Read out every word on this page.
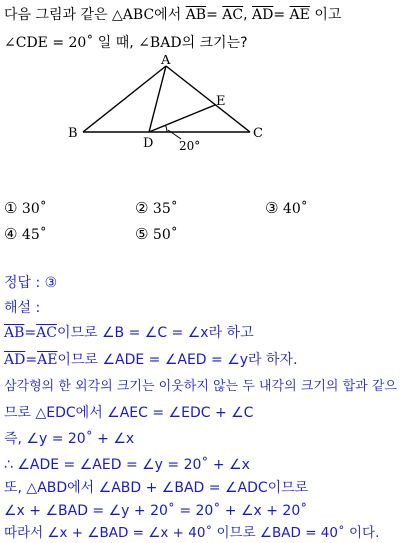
다음 그림과 같은 △ABC에서 $\overline{AB}= \overline{AC}$, $\overline{AD}= \overline{AE}$ 이고
∠CDE = 20˚ 일 때, ∠BAD의 크기는?
A
B	C
D
E
20°
① 30˚	② 35˚	③ 40˚
④ 45˚	⑤ 50˚
정답 : ③
해설 :
$\overline{AB}=\overline{AC}$이므로 ∠B = ∠C = ∠x라 하고
$\overline{AD}=\overline{AE}$이므로 ∠ADE = ∠AED = ∠y라 하자.
삼각형의 한 외각의 크기는 이웃하지 않는 두 내각의 크기의 합과 같으
므로 △EDC에서 ∠AEC = ∠EDC + ∠C
즉, ∠y = 20˚ + ∠x
∴ ∠ADE = ∠AED = ∠y = 20˚ + ∠x
또, △ABD에서 ∠ABD + ∠BAD = ∠ADC이므로
∠x + ∠BAD = ∠y + 20˚ = 20˚ + ∠x + 20˚
따라서 ∠x + ∠BAD = ∠x + 40˚ 이므로 ∠BAD = 40˚ 이다.
